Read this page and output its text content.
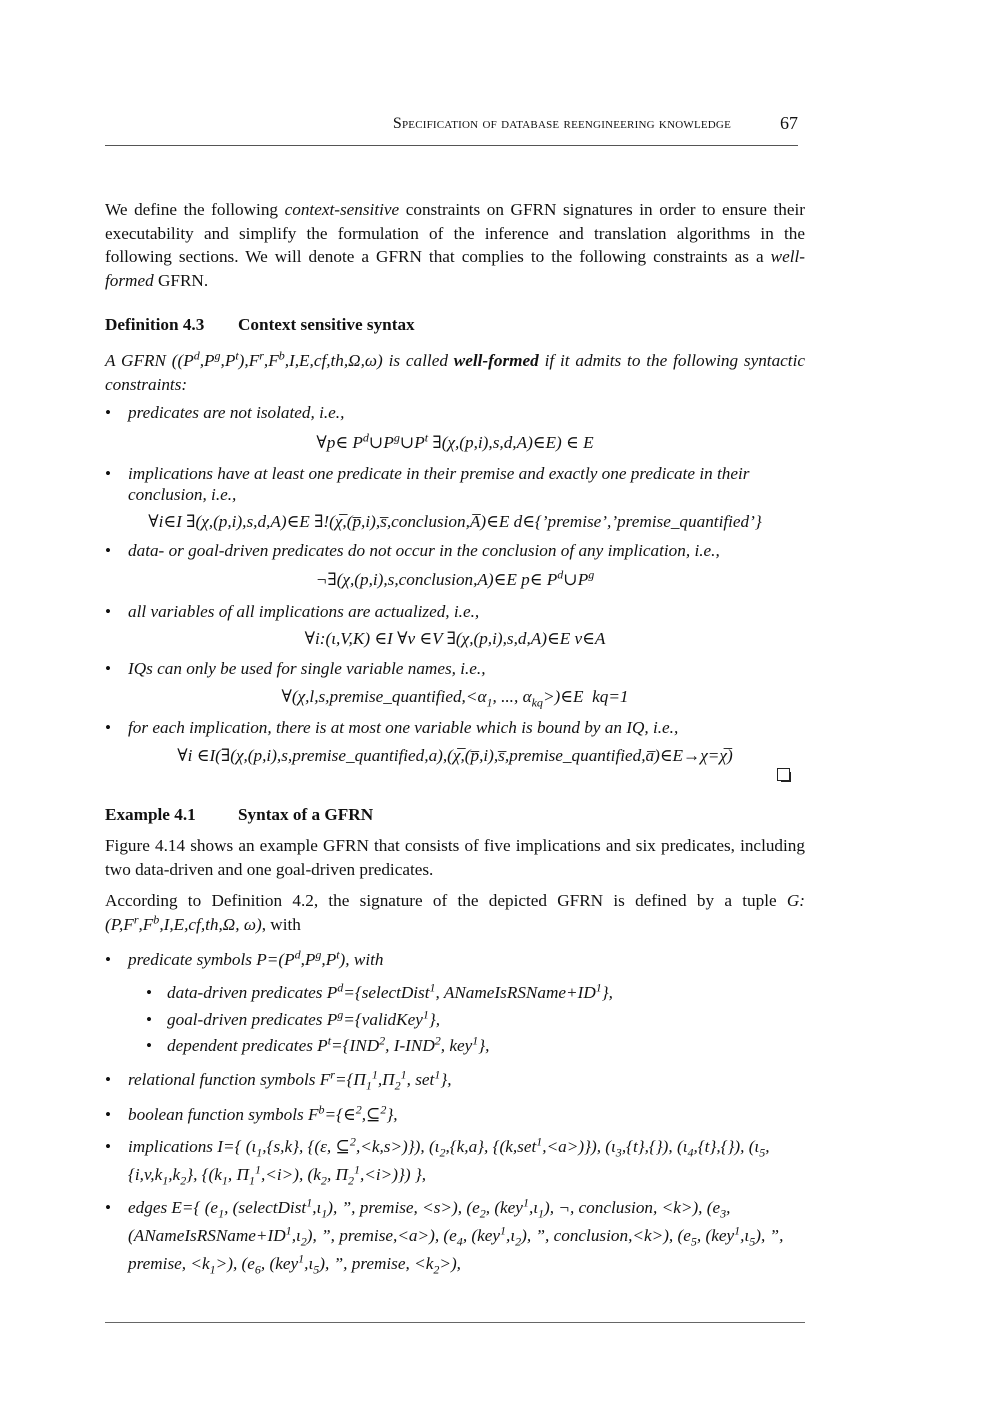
Specification of database reengineering knowledge	67

We define the following context-sensitive constraints on GFRN signatures in order to ensure their executability and simplify the formulation of the inference and translation algorithms in the following sections. We will denote a GFRN that complies to the following constraints as a well-formed GFRN.

Definition 4.3 Context sensitive syntax

A GFRN $((P^d,P^g,P^t),F^r,F^b,I,E,cf,th,\Omega,\omega)$ is called well-formed if it admits to the following syntactic constraints:

• predicates are not isolated, i.e.,

∀p∈ $P^d\cup P^g\cup P^t$ ∃(χ,(p,i),s,d,A)∈E) ∈ E

• implications have at least one predicate in their premise and exactly one predicate in their conclusion, i.e.,

∀i∈I ∃(χ,(p,i),s,d,A)∈E ∃!(χ̅,(p̅,i),s̅,conclusion,A̅)∈E d∈{’premise’,’premise_quantified’}

• data- or goal-driven predicates do not occur in the conclusion of any implication, i.e.,

¬∃(χ,(p,i),s,conclusion,A)∈E p∈ $P^d\cup P^g$

• all variables of all implications are actualized, i.e.,

∀i:(ι,V,K) ∈I ∀v ∈V ∃(χ,(p,i),s,d,A)∈E v∈A

• IQs can only be used for single variable names, i.e.,

$\forall(\chi,l,s,premise\_quantified,<\alpha_1$, ..., $\alpha_{kq}>)\in E$  kq=1

• for each implication, there is at most one variable which is bound by an IQ, i.e.,

∀i ∈I(∃(χ,(p,i),s,premise_quantified,a),(χ̅,(p̅,i),s̅,premise_quantified,a̅)∈E→χ=χ̅)

Example 4.1 Syntax of a GFRN

Figure 4.14 shows an example GFRN that consists of five implications and six predicates, including two data-driven and one goal-driven predicates.

According to Definition 4.2, the signature of the depicted GFRN is defined by a tuple $G:(P,F^r,F^b,I,E,cf,th,\Omega$, ω), with

• predicate symbols $P=(P^d,P^g,P^t)$, with
• data-driven predicates $P^d=\{selectDist^1$, $ANameIsRSName+ID^1$},
• goal-driven predicates $P^g=\{validKey^1\}$,
• dependent predicates $P^t=\{IND^2$, I-IND$^2$, key$^1$},
• relational function symbols $F^r=\{\Pi_1^1,\Pi_2^1$, set$^1$},
• boolean function symbols $F^b=\{\in^2,⊆^2\}$,
• implications I={ ($\iota_1,\{s,k\}$, {(ε, ⊆$^2$,<k,s>)}), ($\iota_2,\{k,a\}$, {(k,set$^1$,<a>)}), $(\iota_3,\{t\},\{\})$, $(\iota_4,\{t\},\{\})$, ($\iota_5,\{i,v,k_1,k_2\}$, {($k_1$, $\Pi_1^1,<i>$), ($k_2$, $\Pi_2^1,<i>$)}) },
• edges E={ ($e_1$, $(selectDist^1,\iota_1)$, ”, premise, <s>), ($e_2$, $(key^1,\iota_1)$, ¬, conclusion, <k>), ($e_3$, $(ANameIsRSName+ID^1,\iota_2)$, ”, premise,<a>), ($e_4$, $(key^1,\iota_2)$, ”, conclusion,<k>), ($e_5$, $(key^1,\iota_5)$, ”, premise, $<k_1>$), ($e_6$, $(key^1,\iota_5)$, ”, premise, $<k_2>$),
